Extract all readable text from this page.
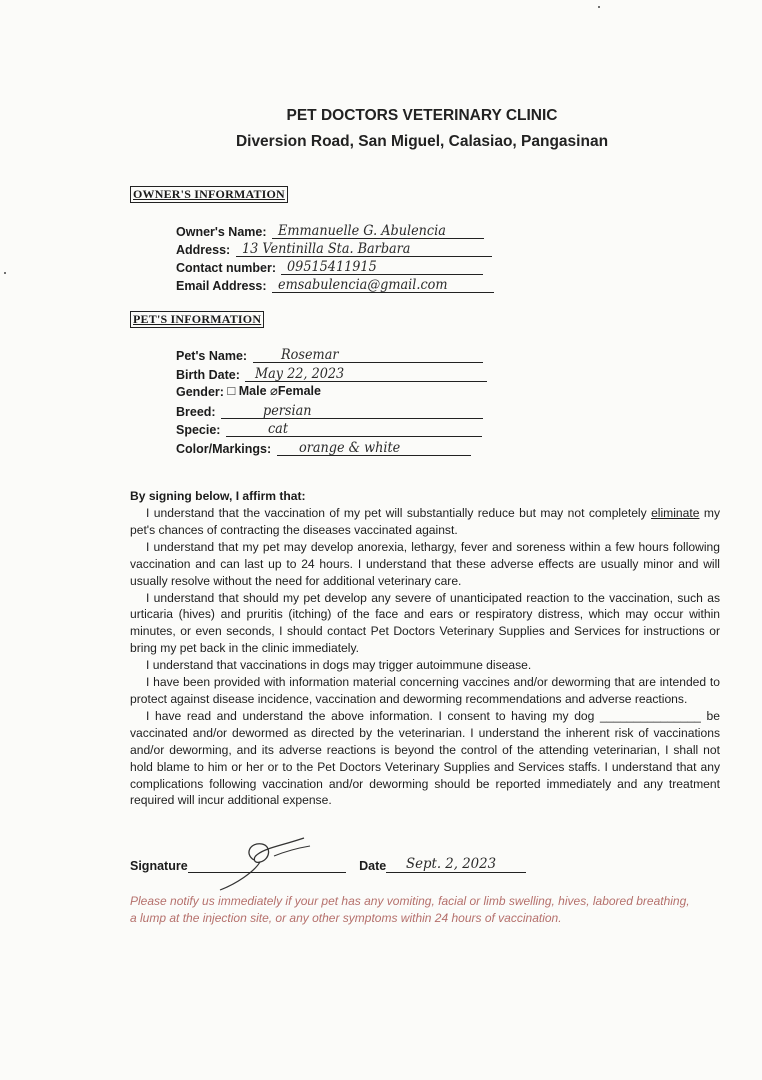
PET DOCTORS VETERINARY CLINIC
Diversion Road, San Miguel, Calasiao, Pangasinan
OWNER'S INFORMATION
Owner's Name: Emmanuelle G. Abulencia
Address: 13 Ventinilla Sta. Barbara
Contact number: 09515411915
Email Address: emsabulencia@gmail.com
PET'S INFORMATION
Pet's Name: Rosemar
Birth Date: May 22, 2023
Gender: □ Male ⌀Female
Breed:	persian
Specie:	cat
Color/Markings: orange & white
By signing below, I affirm that:

I understand that the vaccination of my pet will substantially reduce but may not completely eliminate my pet's chances of contracting the diseases vaccinated against.

I understand that my pet may develop anorexia, lethargy, fever and soreness within a few hours following vaccination and can last up to 24 hours. I understand that these adverse effects are usually minor and will usually resolve without the need for additional veterinary care.

I understand that should my pet develop any severe of unanticipated reaction to the vaccination, such as urticaria (hives) and pruritis (itching) of the face and ears or respiratory distress, which may occur within minutes, or even seconds, I should contact Pet Doctors Veterinary Supplies and Services for instructions or bring my pet back in the clinic immediately.

I understand that vaccinations in dogs may trigger autoimmune disease.

I have been provided with information material concerning vaccines and/or deworming that are intended to protect against disease incidence, vaccination and deworming recommendations and adverse reactions.

I have read and understand the above information. I consent to having my dog _______________ be vaccinated and/or dewormed as directed by the veterinarian. I understand the inherent risk of vaccinations and/or deworming, and its adverse reactions is beyond the control of the attending veterinarian, I shall not hold blame to him or her or to the Pet Doctors Veterinary Supplies and Services staffs. I understand that any complications following vaccination and/or deworming should be reported immediately and any treatment required will incur additional expense.

Signature	Date Sept. 2, 2023
Please notify us immediately if your pet has any vomiting, facial or limb swelling, hives, labored breathing, a lump at the injection site, or any other symptoms within 24 hours of vaccination.
